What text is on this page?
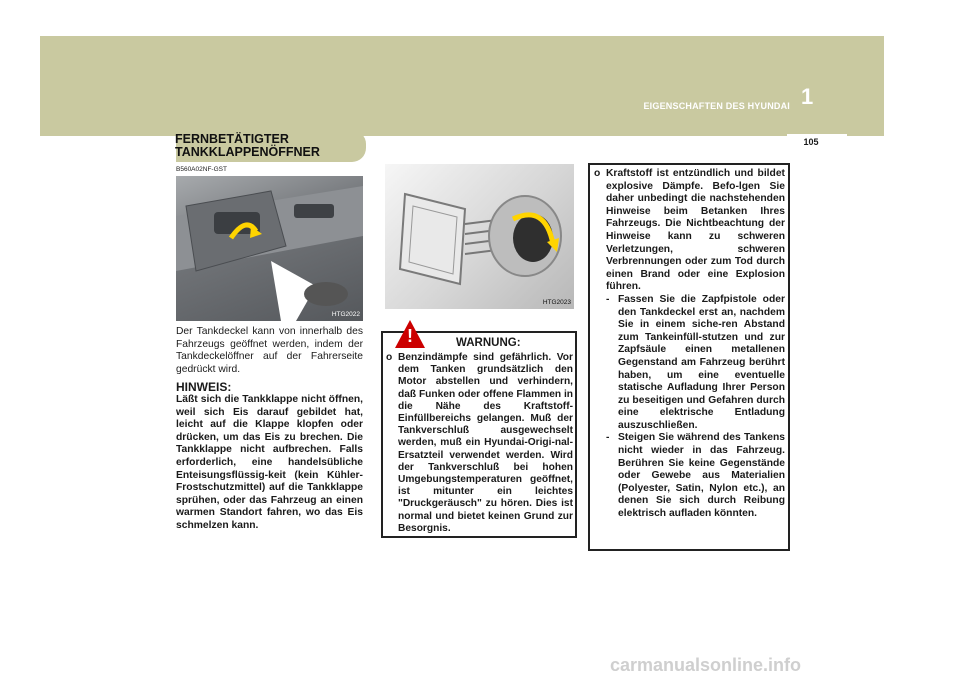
EIGENSCHAFTEN DES HYUNDAI 1
105
FERNBETÄTIGTER
TANKKLAPPENÖFFNER
B560A02NF-GST
HTG2022
Der Tankdeckel kann von innerhalb des Fahrzeugs geöffnet werden, indem der Tankdeckelöffner auf der Fahrerseite gedrückt wird.
HINWEIS:
Läßt sich die Tankklappe nicht öffnen, weil sich Eis darauf gebildet hat, leicht auf die Klappe klopfen oder drücken, um das Eis zu brechen. Die Tankklappe nicht aufbrechen. Falls erforderlich, eine handelsübliche Enteisungsflüssig-keit (kein Kühler-Frostschutzmittel) auf die Tankklappe sprühen, oder das Fahrzeug an einen warmen Standort fahren, wo das Eis schmelzen kann.
HTG2023
!	WARNUNG:
o Benzindämpfe sind gefährlich. Vor dem Tanken grundsätzlich den Motor abstellen und verhindern, daß Funken oder offene Flammen in die Nähe des Kraftstoff-Einfüllbereichs gelangen. Muß der Tankverschluß ausgewechselt werden, muß ein Hyundai-Origi-nal-Ersatzteil verwendet werden. Wird der Tankverschluß bei hohen Umgebungstemperaturen geöffnet, ist mitunter ein leichtes "Druckgeräusch" zu hören. Dies ist normal und bietet keinen Grund zur Besorgnis.
o Kraftstoff ist entzündlich und bildet explosive Dämpfe. Befo-lgen Sie daher unbedingt die nachstehenden Hinweise beim Betanken Ihres Fahrzeugs. Die Nichtbeachtung der Hinweise kann zu schweren Verletzungen, schweren Verbrennungen oder zum Tod durch einen Brand oder eine Explosion führen.
- Fassen Sie die Zapfpistole oder den Tankdeckel erst an, nachdem Sie in einem siche-ren Abstand zum Tankeinfüll-stutzen und zur Zapfsäule einen metallenen Gegenstand am Fahrzeug berührt haben, um eine eventuelle statische Aufladung Ihrer Person zu beseitigen und Gefahren durch eine elektrische Entladung auszuschließen.
- Steigen Sie während des Tankens nicht wieder in das Fahrzeug. Berühren Sie keine Gegenstände oder Gewebe aus Materialien (Polyester, Satin, Nylon etc.), an denen Sie sich durch Reibung elektrisch aufladen könnten.
carmanualsonline.info
